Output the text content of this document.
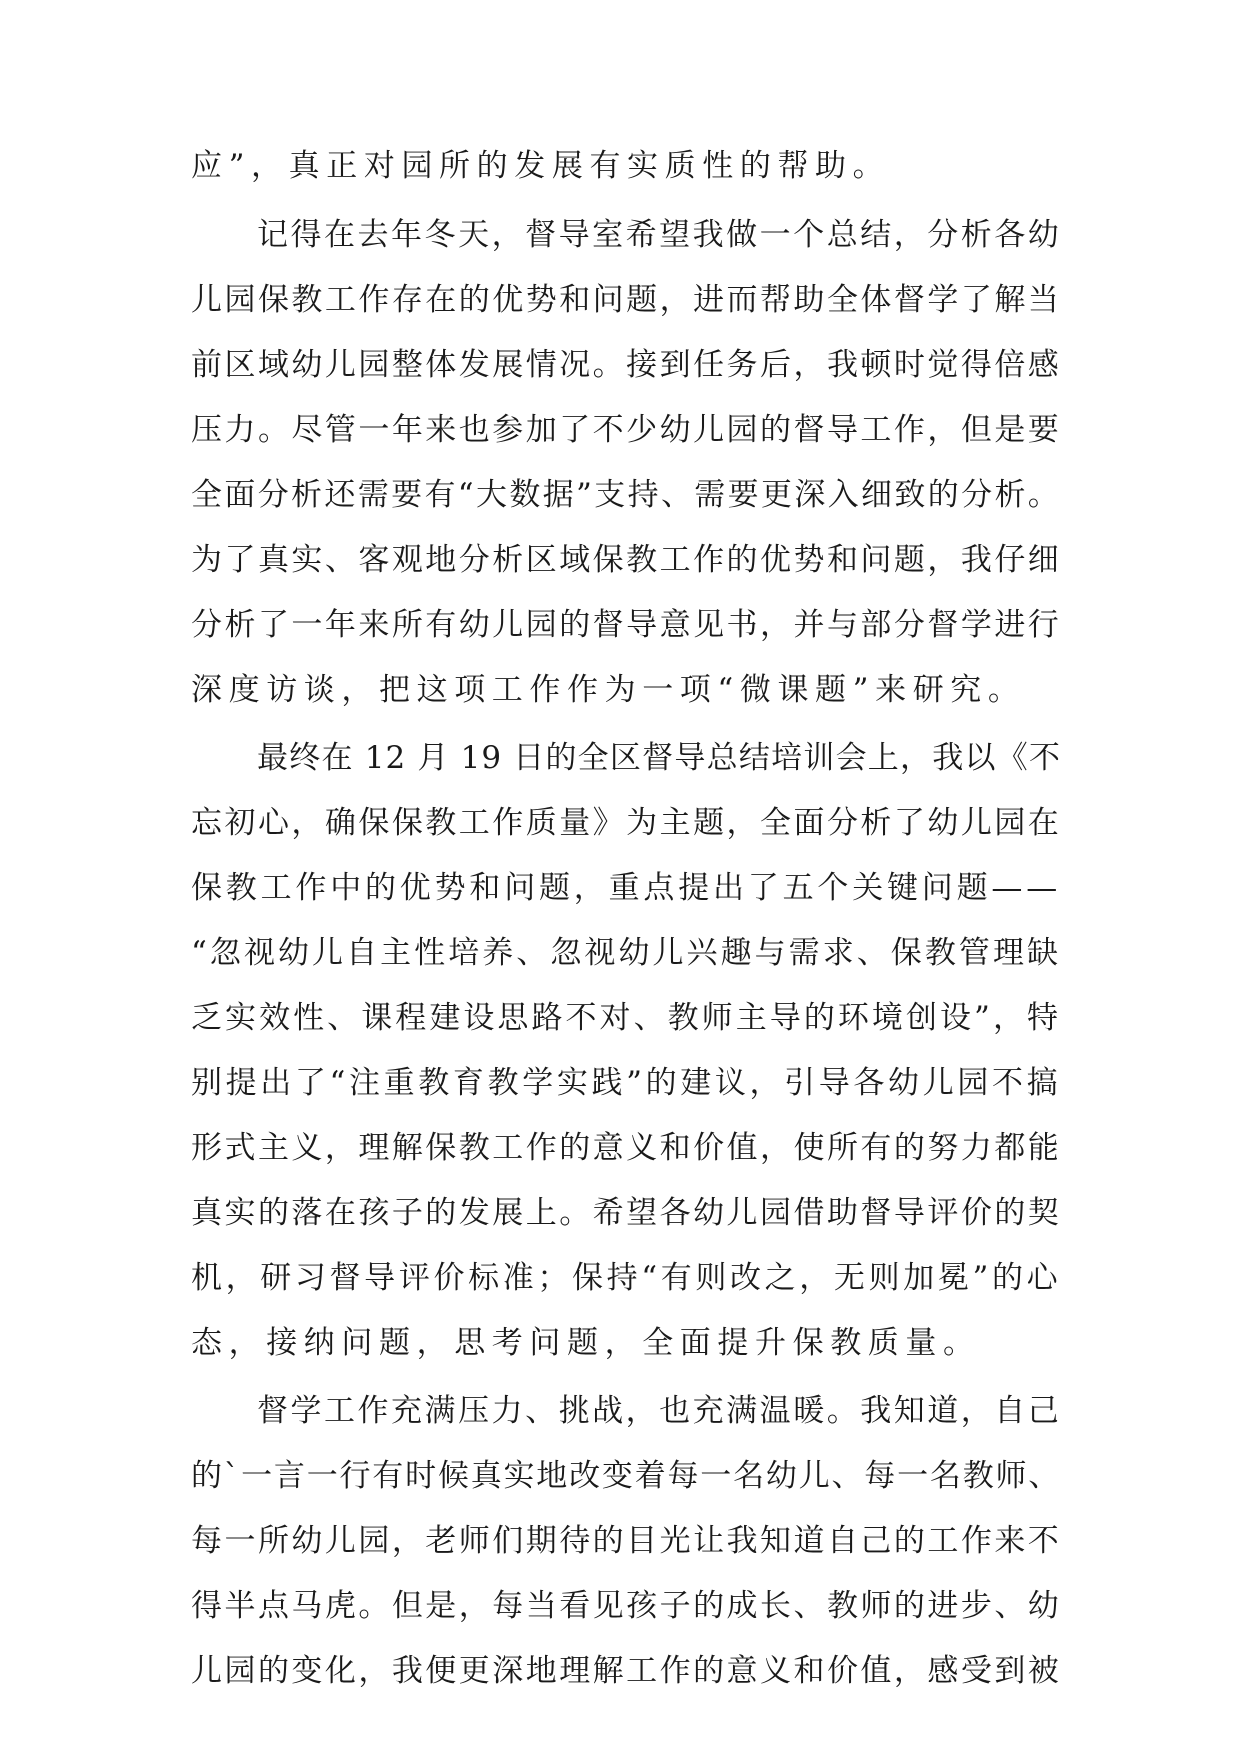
应”，真正对园所的发展有实质性的帮助。
记得在去年冬天，督导室希望我做一个总结，分析各幼
儿园保教工作存在的优势和问题，进而帮助全体督学了解当
前区域幼儿园整体发展情况。接到任务后，我顿时觉得倍感
压力。尽管一年来也参加了不少幼儿园的督导工作，但是要
全面分析还需要有“大数据”支持、需要更深入细致的分析。
为了真实、客观地分析区域保教工作的优势和问题，我仔细
分析了一年来所有幼儿园的督导意见书，并与部分督学进行
深度访谈，把这项工作作为一项“微课题”来研究。
最终在 12 月 19 日的全区督导总结培训会上，我以《不
忘初心，确保保教工作质量》为主题，全面分析了幼儿园在
保教工作中的优势和问题，重点提出了五个关键问题——
“忽视幼儿自主性培养、忽视幼儿兴趣与需求、保教管理缺
乏实效性、课程建设思路不对、教师主导的环境创设”，特
别提出了“注重教育教学实践”的建议，引导各幼儿园不搞
形式主义，理解保教工作的意义和价值，使所有的努力都能
真实的落在孩子的发展上。希望各幼儿园借助督导评价的契
机，研习督导评价标准；保持“有则改之，无则加冕”的心
态，接纳问题，思考问题，全面提升保教质量。
督学工作充满压力、挑战，也充满温暖。我知道，自己
的`一言一行有时候真实地改变着每一名幼儿、每一名教师、
每一所幼儿园，老师们期待的目光让我知道自己的工作来不
得半点马虎。但是，每当看见孩子的成长、教师的进步、幼
儿园的变化，我便更深地理解工作的意义和价值，感受到被
